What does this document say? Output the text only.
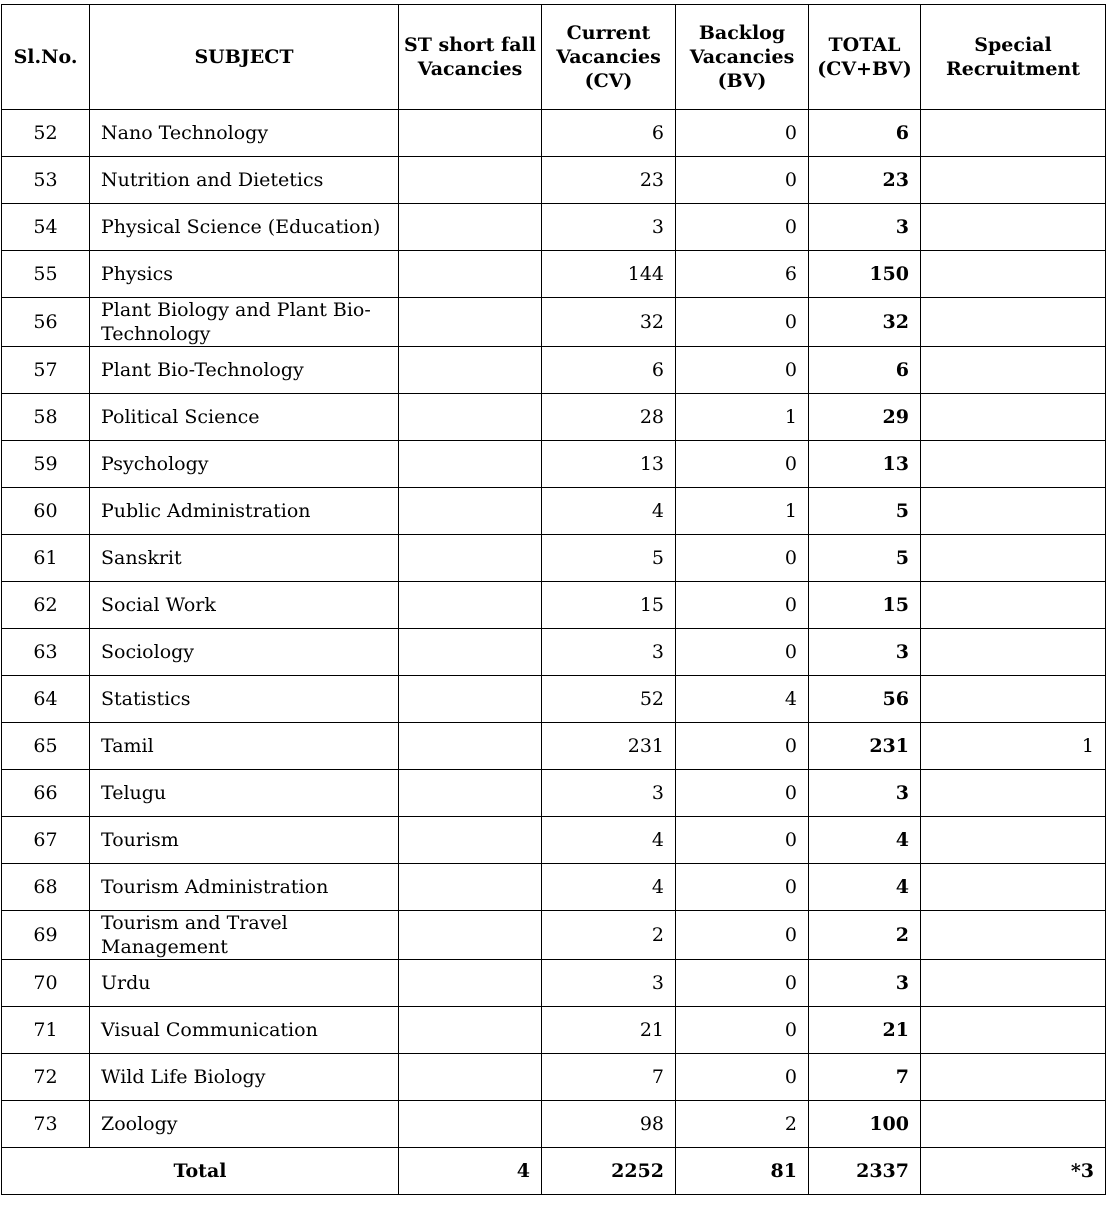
Sl.No.	SUBJECT	ST short fall Vacancies	Current Vacancies (CV)	Backlog Vacancies (BV)	TOTAL (CV+BV)	Special Recruitment
52	Nano Technology		6	0	6	
53	Nutrition and Dietetics		23	0	23	
54	Physical Science (Education)		3	0	3	
55	Physics		144	6	150	
56	Plant Biology and Plant Bio-Technology		32	0	32	
57	Plant Bio-Technology		6	0	6	
58	Political Science		28	1	29	
59	Psychology		13	0	13	
60	Public Administration		4	1	5	
61	Sanskrit		5	0	5	
62	Social Work		15	0	15	
63	Sociology		3	0	3	
64	Statistics		52	4	56	
65	Tamil		231	0	231	1
66	Telugu		3	0	3	
67	Tourism		4	0	4	
68	Tourism Administration		4	0	4	
69	Tourism and Travel Management		2	0	2	
70	Urdu		3	0	3	
71	Visual Communication		21	0	21	
72	Wild Life Biology		7	0	7	
73	Zoology		98	2	100	
Total		4	2252	81	2337	*3
